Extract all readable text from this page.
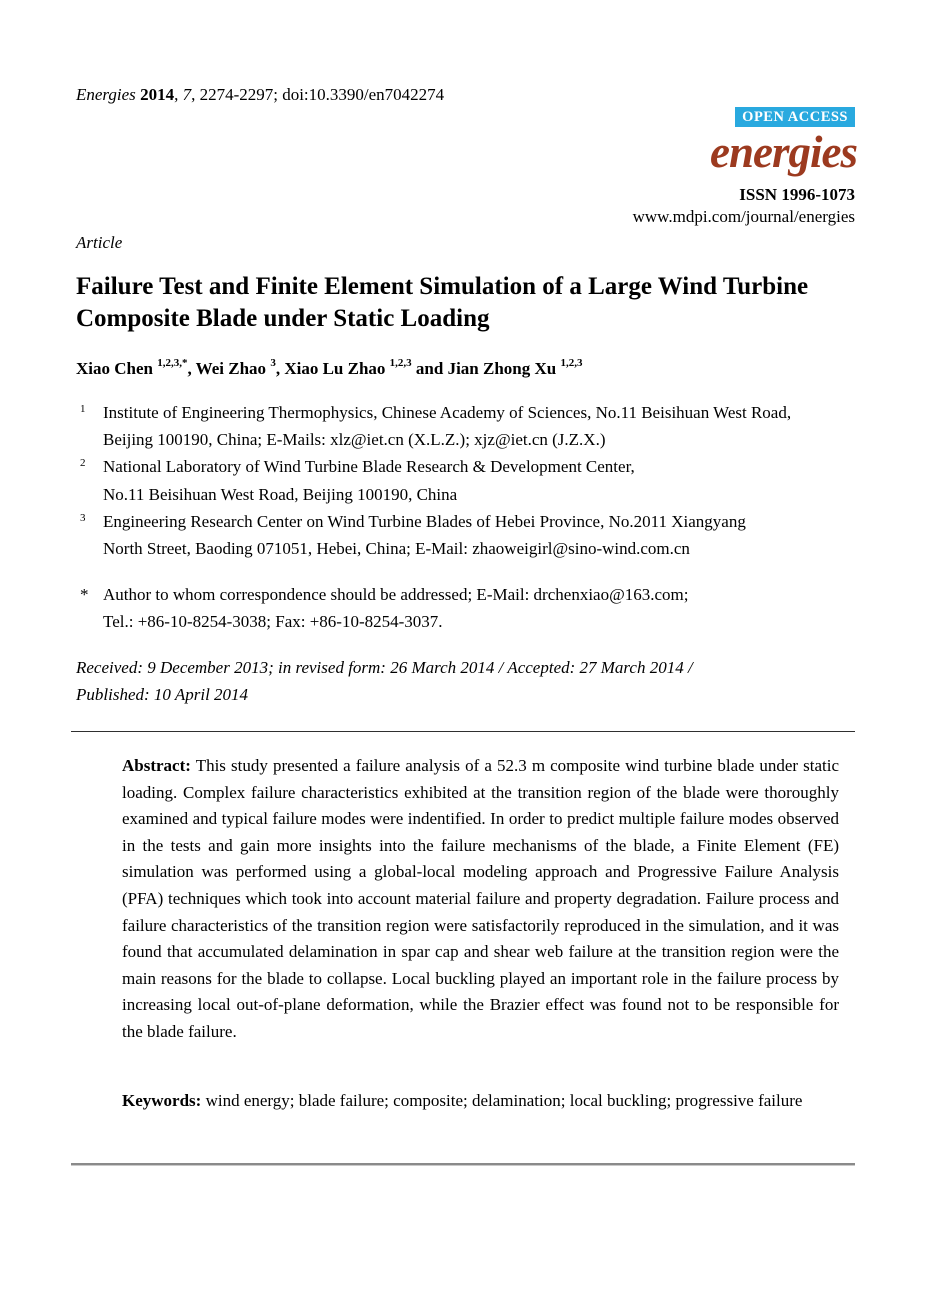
Energies 2014, 7, 2274-2297; doi:10.3390/en7042274
OPEN ACCESS
energies
ISSN 1996-1073
www.mdpi.com/journal/energies
Article
Failure Test and Finite Element Simulation of a Large Wind Turbine Composite Blade under Static Loading
Xiao Chen $^{1,2,3,*}$, Wei Zhao $^3$, Xiao Lu Zhao $^{1,2,3}$ and Jian Zhong Xu $^{1,2,3}$
1 Institute of Engineering Thermophysics, Chinese Academy of Sciences, No.11 Beisihuan West Road,
Beijing 100190, China; E-Mails: xlz@iet.cn (X.L.Z.); xjz@iet.cn (J.Z.X.)
2 National Laboratory of Wind Turbine Blade Research & Development Center,
No.11 Beisihuan West Road, Beijing 100190, China
3 Engineering Research Center on Wind Turbine Blades of Hebei Province, No.2011 Xiangyang
North Street, Baoding 071051, Hebei, China; E-Mail: zhaoweigirl@sino-wind.com.cn
* Author to whom correspondence should be addressed; E-Mail: drchenxiao@163.com;
Tel.: +86-10-8254-3038; Fax: +86-10-8254-3037.
Received: 9 December 2013; in revised form: 26 March 2014 / Accepted: 27 March 2014 /
Published: 10 April 2014
Abstract: This study presented a failure analysis of a 52.3 m composite wind turbine blade under static loading. Complex failure characteristics exhibited at the transition region of the blade were thoroughly examined and typical failure modes were indentified. In order to predict multiple failure modes observed in the tests and gain more insights into the failure mechanisms of the blade, a Finite Element (FE) simulation was performed using a global-local modeling approach and Progressive Failure Analysis (PFA) techniques which took into account material failure and property degradation. Failure process and failure characteristics of the transition region were satisfactorily reproduced in the simulation, and it was found that accumulated delamination in spar cap and shear web failure at the transition region were the main reasons for the blade to collapse. Local buckling played an important role in the failure process by increasing local out-of-plane deformation, while the Brazier effect was found not to be responsible for the blade failure.
Keywords: wind energy; blade failure; composite; delamination; local buckling; progressive failure
